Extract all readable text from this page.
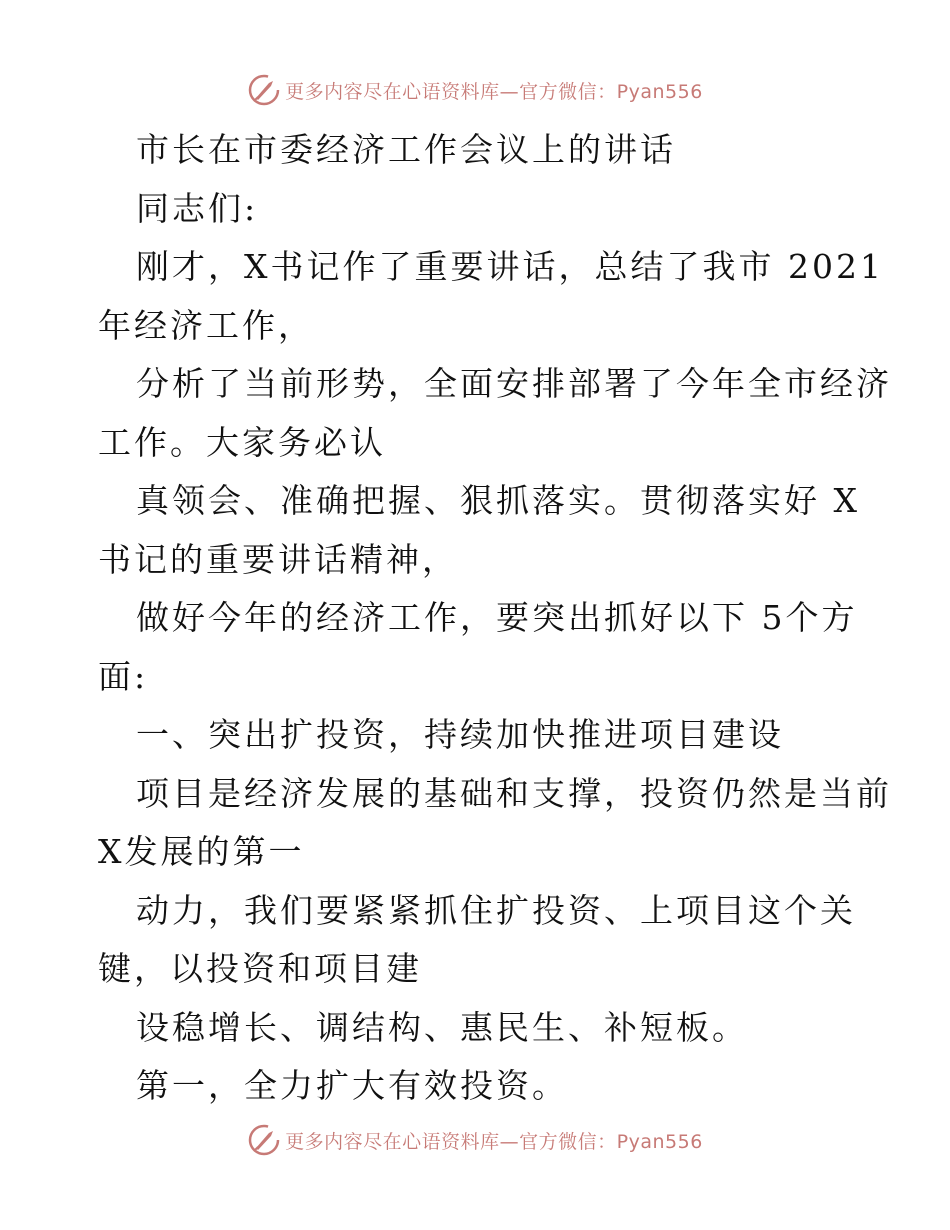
更多内容尽在心语资料库—官方微信：Pyan556
市长在市委经济工作会议上的讲话
同志们:
刚才，X书记作了重要讲话，总结了我市 2021
年经济工作，
分析了当前形势，全面安排部署了今年全市经济
工作。大家务必认
真领会、准确把握、狠抓落实。贯彻落实好 X
书记的重要讲话精神，
做好今年的经济工作，要突出抓好以下 5个方
面:
一、突出扩投资，持续加快推进项目建设
项目是经济发展的基础和支撑，投资仍然是当前
X发展的第一
动力，我们要紧紧抓住扩投资、上项目这个关
键，以投资和项目建
设稳增长、调结构、惠民生、补短板。
第一，全力扩大有效投资。
更多内容尽在心语资料库—官方微信：Pyan556
